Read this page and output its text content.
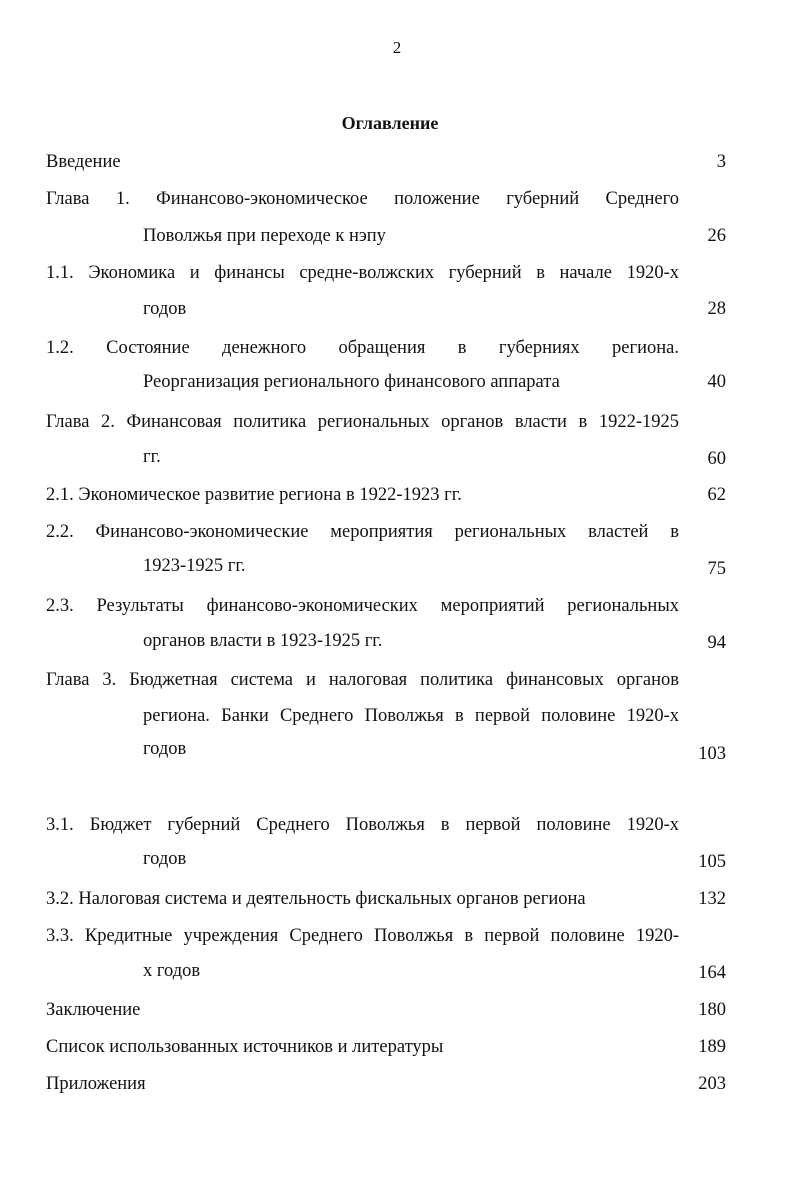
2
Оглавление
Введение	3
Глава 1. Финансово-экономическое положение губерний Среднего
Поволжья при переходе к нэпу	26
1.1. Экономика и финансы средне-волжских губерний в начале 1920-х
годов	28
1.2. Состояние денежного обращения в губерниях региона.
Реорганизация регионального финансового аппарата	40
Глава 2. Финансовая политика региональных органов власти в 1922-1925
гг.	60
2.1. Экономическое развитие региона в 1922-1923 гг.	62
2.2. Финансово-экономические мероприятия региональных властей в
1923-1925 гг.	75
2.3. Результаты финансово-экономических мероприятий региональных
органов власти в 1923-1925 гг.	94
Глава 3. Бюджетная система и налоговая политика финансовых органов
региона. Банки Среднего Поволжья в первой половине 1920-х
годов	103
3.1. Бюджет губерний Среднего Поволжья в первой половине 1920-х
годов	105
3.2. Налоговая система и деятельность фискальных органов региона	132
3.3. Кредитные учреждения Среднего Поволжья в первой половине 1920-
х годов	164
Заключение	180
Список использованных источников и литературы	189
Приложения	203
